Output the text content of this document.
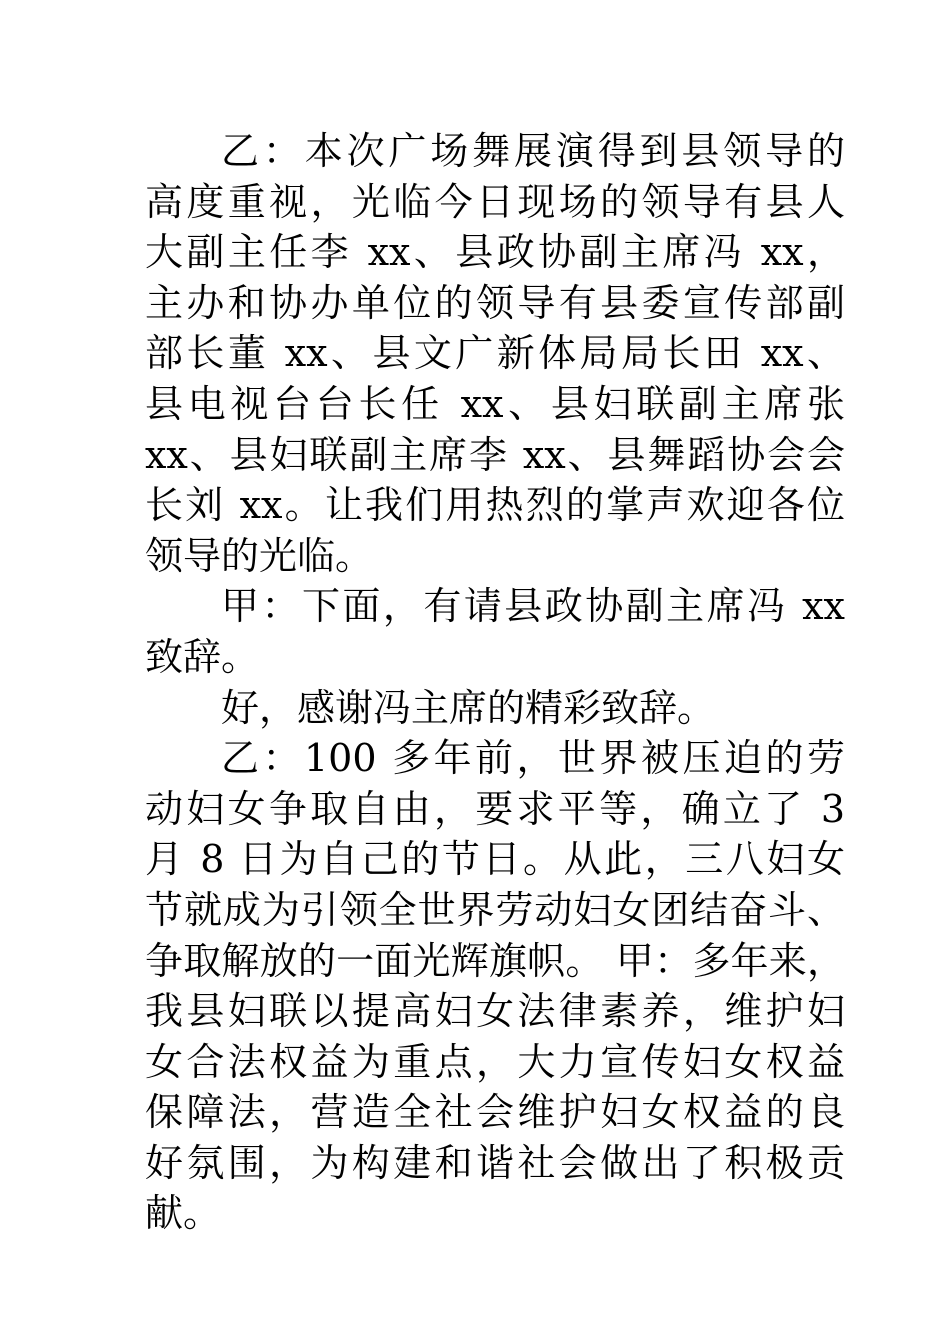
乙：本次广场舞展演得到县领导的
高度重视，光临今日现场的领导有县人
大副主任李 xx、县政协副主席冯 xx，
主办和协办单位的领导有县委宣传部副
部长董 xx、县文广新体局局长田 xx、
县电视台台长任 xx、县妇联副主席张
xx、县妇联副主席李 xx、县舞蹈协会会
长刘 xx。让我们用热烈的掌声欢迎各位
领导的光临。
甲：下面，有请县政协副主席冯 xx
致辞。
好，感谢冯主席的精彩致辞。
乙：100 多年前，世界被压迫的劳
动妇女争取自由，要求平等，确立了 3
月 8 日为自己的节日。从此，三八妇女
节就成为引领全世界劳动妇女团结奋斗、
争取解放的一面光辉旗帜。 甲：多年来，
我县妇联以提高妇女法律素养，维护妇
女合法权益为重点，大力宣传妇女权益
保障法，营造全社会维护妇女权益的良
好氛围，为构建和谐社会做出了积极贡
献。
